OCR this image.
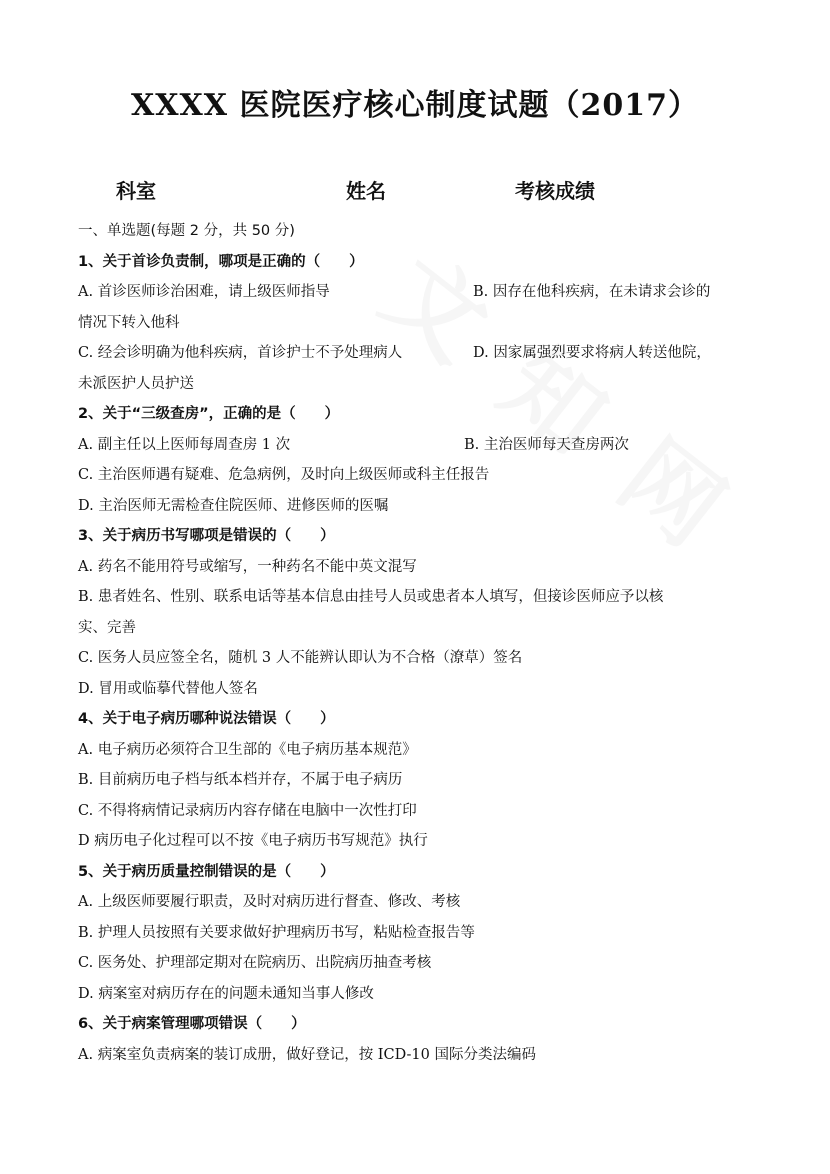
XXXX 医院医疗核心制度试题（2017）
科室	姓名	考核成绩
一、单选题(每题 2 分，共 50 分)
1、关于首诊负责制，哪项是正确的（　　）
A. 首诊医师诊治困难，请上级医师指导	B. 因存在他科疾病，在未请求会诊的
情况下转入他科
C. 经会诊明确为他科疾病，首诊护士不予处理病人	D. 因家属强烈要求将病人转送他院，
未派医护人员护送
2、关于“三级查房”，正确的是（　　）
A. 副主任以上医师每周查房 1 次	B. 主治医师每天查房两次
C. 主治医师遇有疑难、危急病例，及时向上级医师或科主任报告
D. 主治医师无需检查住院医师、进修医师的医嘱
3、关于病历书写哪项是错误的（　　）
A. 药名不能用符号或缩写，一种药名不能中英文混写
B. 患者姓名、性别、联系电话等基本信息由挂号人员或患者本人填写，但接诊医师应予以核
实、完善
C. 医务人员应签全名，随机 3 人不能辨认即认为不合格（潦草）签名
D. 冒用或临摹代替他人签名
4、关于电子病历哪种说法错误（　　）
A. 电子病历必须符合卫生部的《电子病历基本规范》
B. 目前病历电子档与纸本档并存，不属于电子病历
C. 不得将病情记录病历内容存储在电脑中一次性打印
D 病历电子化过程可以不按《电子病历书写规范》执行
5、关于病历质量控制错误的是（　　）
A. 上级医师要履行职责，及时对病历进行督查、修改、考核
B. 护理人员按照有关要求做好护理病历书写，粘贴检查报告等
C. 医务处、护理部定期对在院病历、出院病历抽查考核
D. 病案室对病历存在的问题未通知当事人修改
6、关于病案管理哪项错误（　　）
A. 病案室负责病案的装订成册，做好登记，按 ICD-10 国际分类法编码
